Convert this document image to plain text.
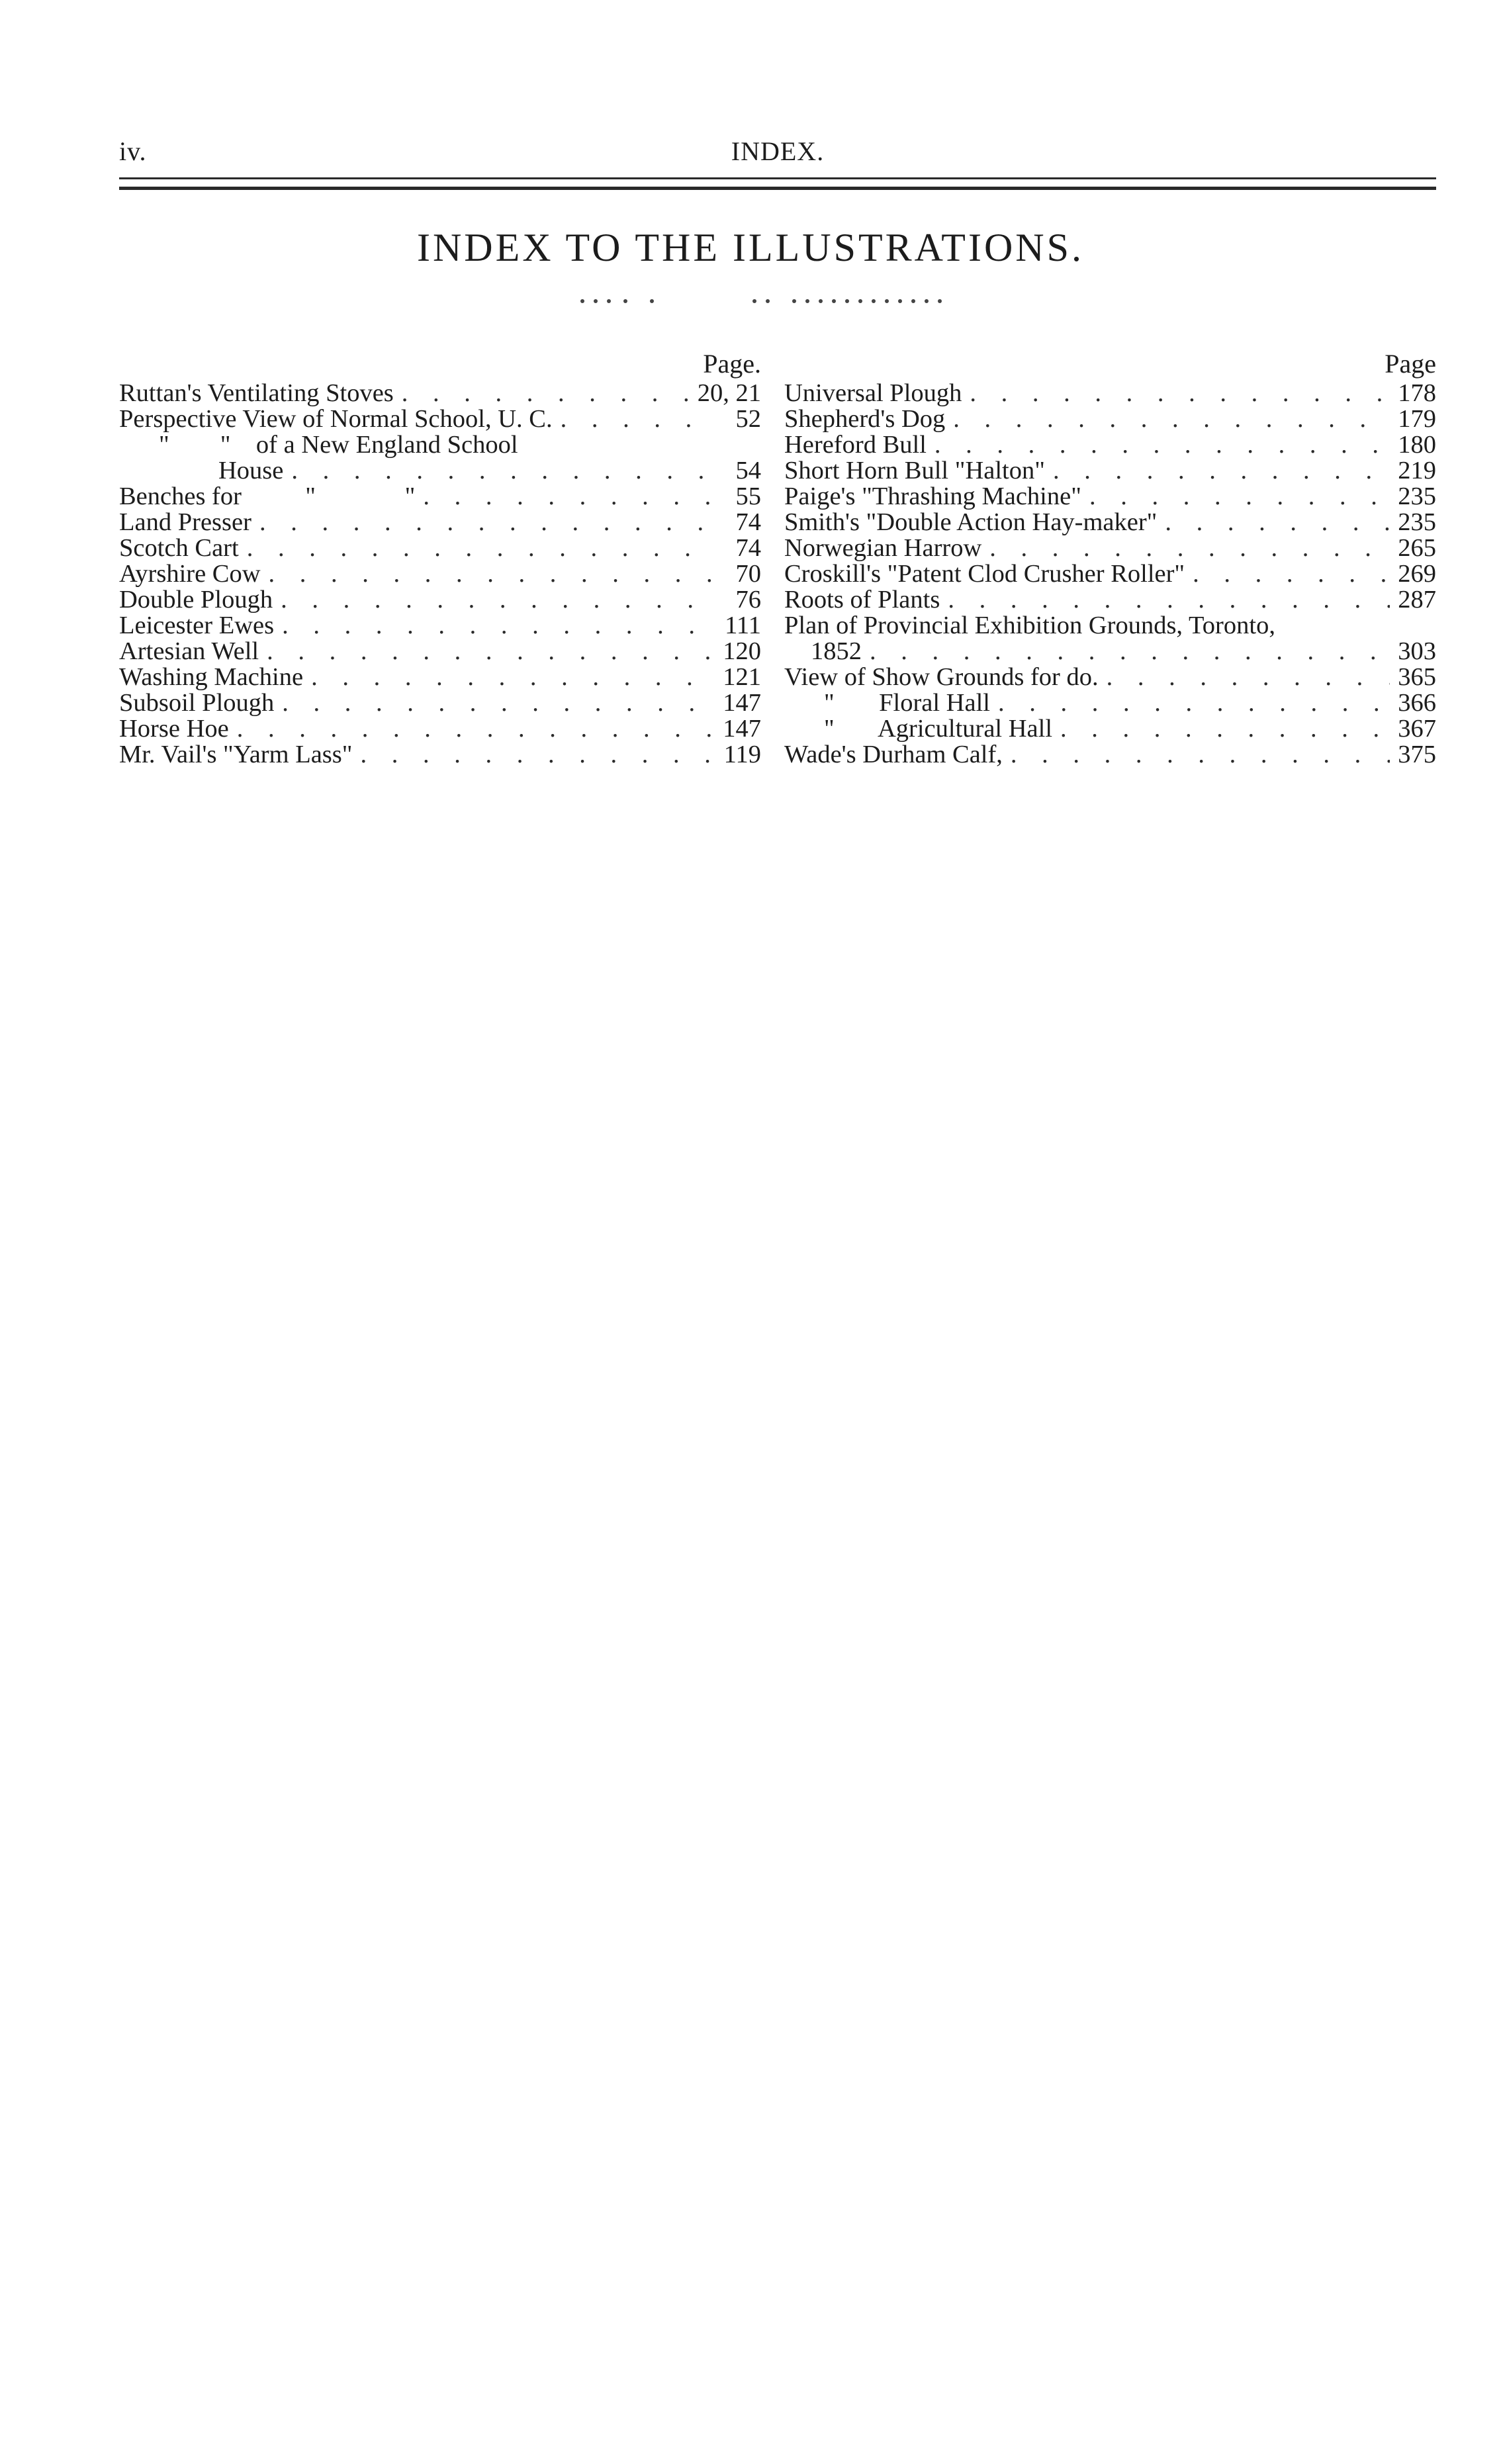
iv.	INDEX.
INDEX TO THE ILLUSTRATIONS.
Page.
Ruttan's Ventilating Stoves . . .	20, 21
Perspective View of Normal School, U. C. . . .	52
"        "    of a New England School
House . . .	54
Benches for          "              " . . .	55
Land Presser . . .	74
Scotch Cart . . .	74
Ayrshire Cow . . .	70
Double Plough . . .	76
Leicester Ewes . . .	111
Artesian Well . . .	120
Washing Machine . . .	121
Subsoil Plough . . .	147
Horse Hoe . . .	147
Mr. Vail's "Yarm Lass" . . .	119
Page
Universal Plough . . .	178
Shepherd's Dog . . .	179
Hereford Bull . . .	180
Short Horn Bull "Halton" . . .	219
Paige's "Thrashing Machine" . . .	235
Smith's "Double Action Hay-maker" . . .	235
Norwegian Harrow . . .	265
Croskill's "Patent Clod Crusher Roller" . . .	269
Roots of Plants . . .	287
Plan of Provincial Exhibition Grounds, Toronto,
1852 . . .	303
View of Show Grounds for do. . . .	365
"       Floral Hall . . .	366
"       Agricultural Hall . . .	367
Wade's Durham Calf, . . .	375
